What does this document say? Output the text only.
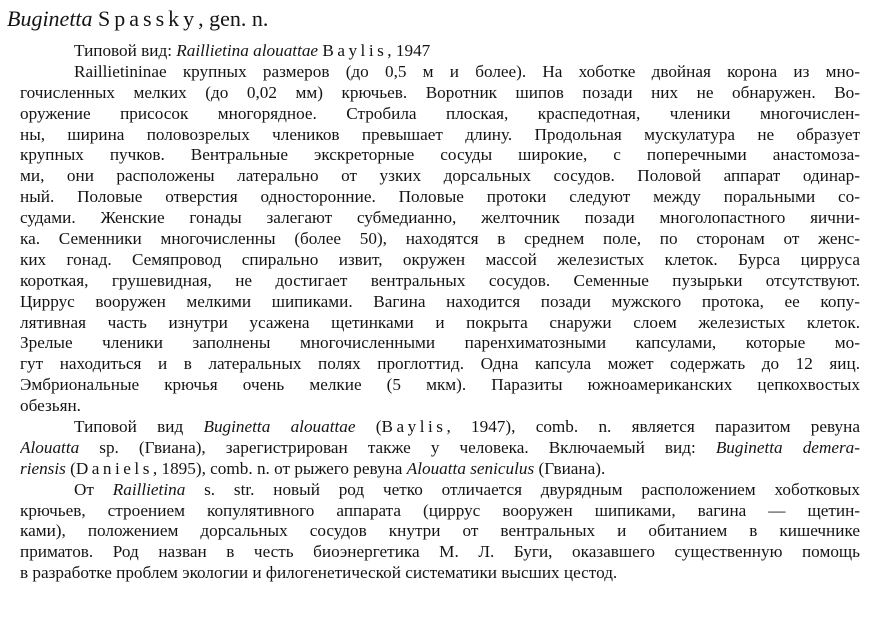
Buginetta Spassky, gen. n.

Типовой вид: Raillietina alouattae Baylis, 1947

Raillietininae крупных размеров (до 0,5 м и более). На хоботке двойная корона из мно-
гочисленных мелких (до 0,02 мм) крючьев. Воротник шипов позади них не обнаружен. Во-
оружение присосок многорядное. Стробила плоская, краспедотная, членики многочислен-
ны, ширина половозрелых члеников превышает длину. Продольная мускулатура не образует
крупных пучков. Вентральные экскреторные сосуды широкие, с поперечными анастомоза-
ми, они расположены латерально от узких дорсальных сосудов. Половой аппарат одинар-
ный. Половые отверстия односторонние. Половые протоки следуют между поральными со-
судами. Женские гонады залегают субмедианно, желточник позади многолопастного яични-
ка. Семенники многочисленны (более 50), находятся в среднем поле, по сторонам от женс-
ких гонад. Семяпровод спирально извит, окружен массой железистых клеток. Бурса цирруса
короткая, грушевидная, не достигает вентральных сосудов. Семенные пузырьки отсутствуют.
Циррус вооружен мелкими шипиками. Вагина находится позади мужского протока, ее копу-
лятивная часть изнутри усажена щетинками и покрыта снаружи слоем железистых клеток.
Зрелые членики заполнены многочисленными паренхиматозными капсулами, которые мо-
гут находиться и в латеральных полях проглоттид. Одна капсула может содержать до 12 яиц.
Эмбриональные крючья очень мелкие (5 мкм). Паразиты южноамериканских цепкохвостых
обезьян.

Типовой вид Buginetta alouattae (Baylis, 1947), comb. n. является паразитом ревуна
Alouatta sp. (Гвиана), зарегистрирован также у человека. Включаемый вид: Buginetta demera-
riensis (Daniels, 1895), comb. n. от рыжего ревуна Alouatta seniculus (Гвиана).

От Raillietina s. str. новый род четко отличается двурядным расположением хоботковых
крючьев, строением копулятивного аппарата (циррус вооружен шипиками, вагина — щетин-
ками), положением дорсальных сосудов кнутри от вентральных и обитанием в кишечнике
приматов. Род назван в честь биоэнергетика М. Л. Буги, оказавшего существенную помощь
в разработке проблем экологии и филогенетической систематики высших цестод.
